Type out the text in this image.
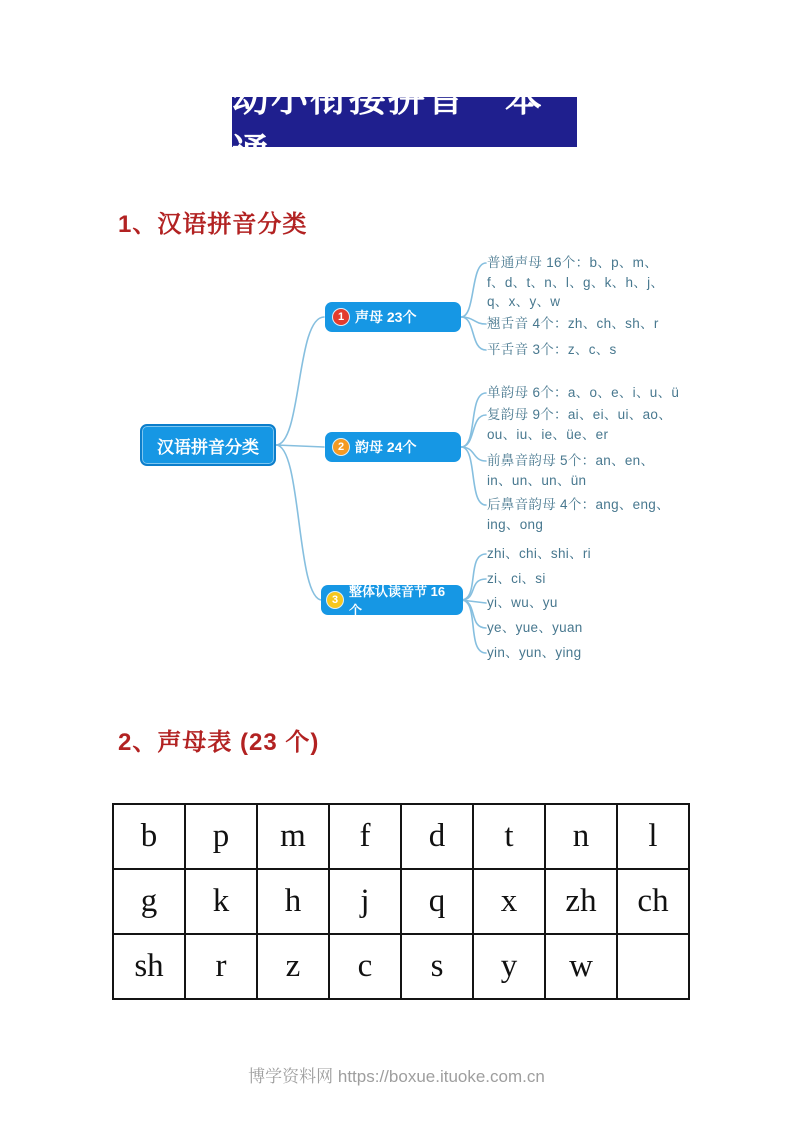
幼小衔接拼音一本通
1、汉语拼音分类
汉语拼音分类
1 声母 23个
2 韵母 24个
3
整体认读音节 16个
普通声母 16个：b、p、m、f、d、t、n、l、g、k、h、j、q、x、y、w
翘舌音 4个：zh、ch、sh、r
平舌音 3个：z、c、s
单韵母 6个：a、o、e、i、u、ü
复韵母 9个：ai、ei、ui、ao、ou、iu、ie、üe、er
前鼻音韵母 5个：an、en、in、un、un、ün
后鼻音韵母 4个：ang、eng、ing、ong
zhi、chi、shi、ri
zi、ci、si
yi、wu、yu
ye、yue、yuan
yin、yun、ying
2、声母表 (23 个)
b	p	m	f	d	t	n	l
g	k	h	j	q	x	zh	ch
sh	r	z	c	s	y	w	
博学资料网 https://boxue.ituoke.com.cn
